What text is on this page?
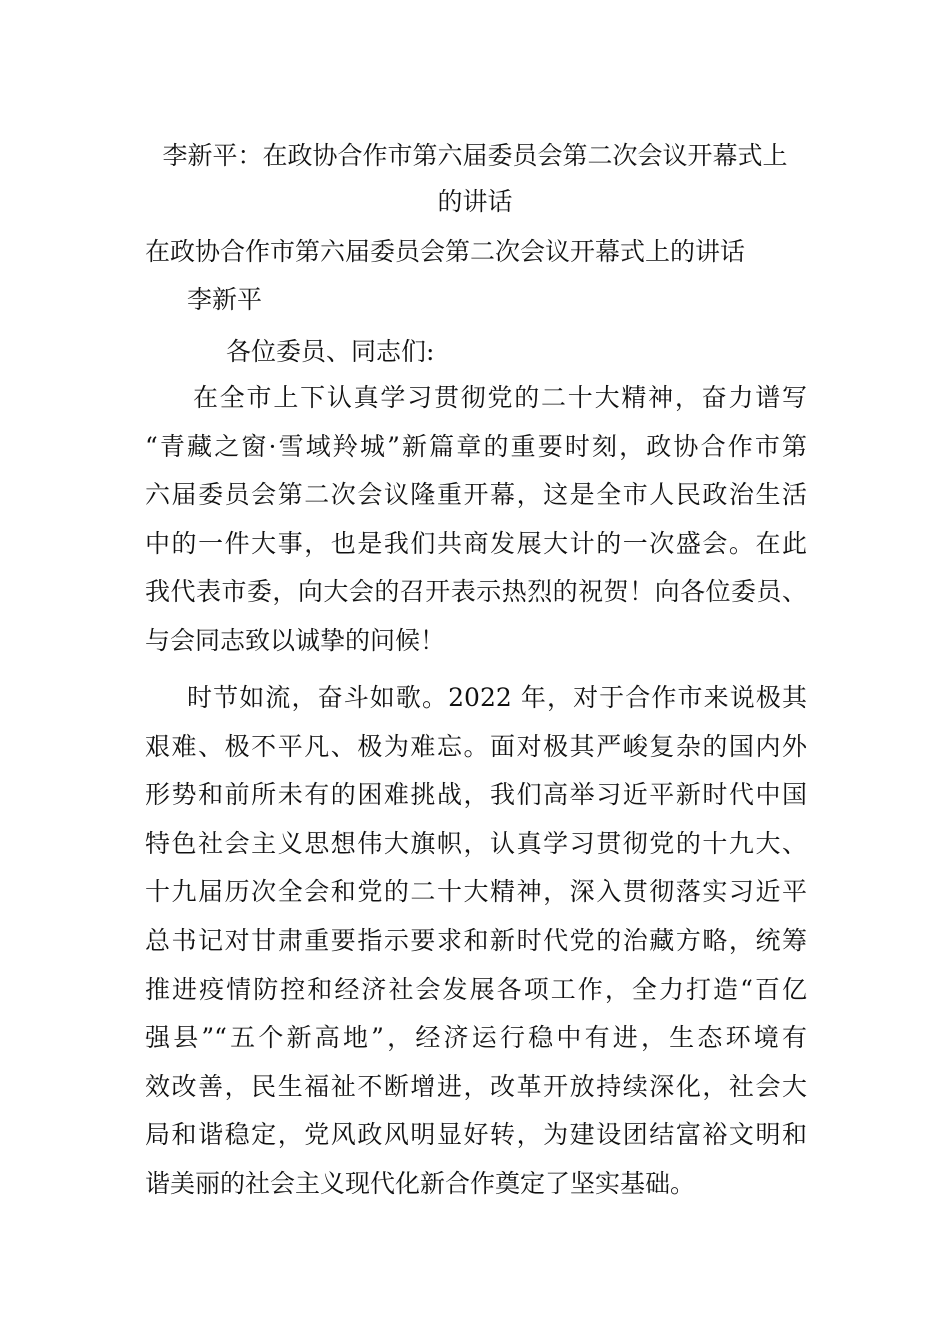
李新平：在政协合作市第六届委员会第二次会议开幕式上
的讲话
在政协合作市第六届委员会第二次会议开幕式上的讲话
李新平
各位委员、同志们:
在全市上下认真学习贯彻党的二十大精神，奋力谱写
“青藏之窗·雪域羚城”新篇章的重要时刻，政协合作市第
六届委员会第二次会议隆重开幕，这是全市人民政治生活
中的一件大事，也是我们共商发展大计的一次盛会。在此
我代表市委，向大会的召开表示热烈的祝贺！向各位委员、
与会同志致以诚挚的问候！
时节如流，奋斗如歌。2022 年，对于合作市来说极其
艰难、极不平凡、极为难忘。面对极其严峻复杂的国内外
形势和前所未有的困难挑战，我们高举习近平新时代中国
特色社会主义思想伟大旗帜，认真学习贯彻党的十九大、
十九届历次全会和党的二十大精神，深入贯彻落实习近平
总书记对甘肃重要指示要求和新时代党的治藏方略，统筹
推进疫情防控和经济社会发展各项工作，全力打造“百亿
强县”“五个新高地”，经济运行稳中有进，生态环境有
效改善，民生福祉不断增进，改革开放持续深化，社会大
局和谐稳定，党风政风明显好转，为建设团结富裕文明和
谐美丽的社会主义现代化新合作奠定了坚实基础。
